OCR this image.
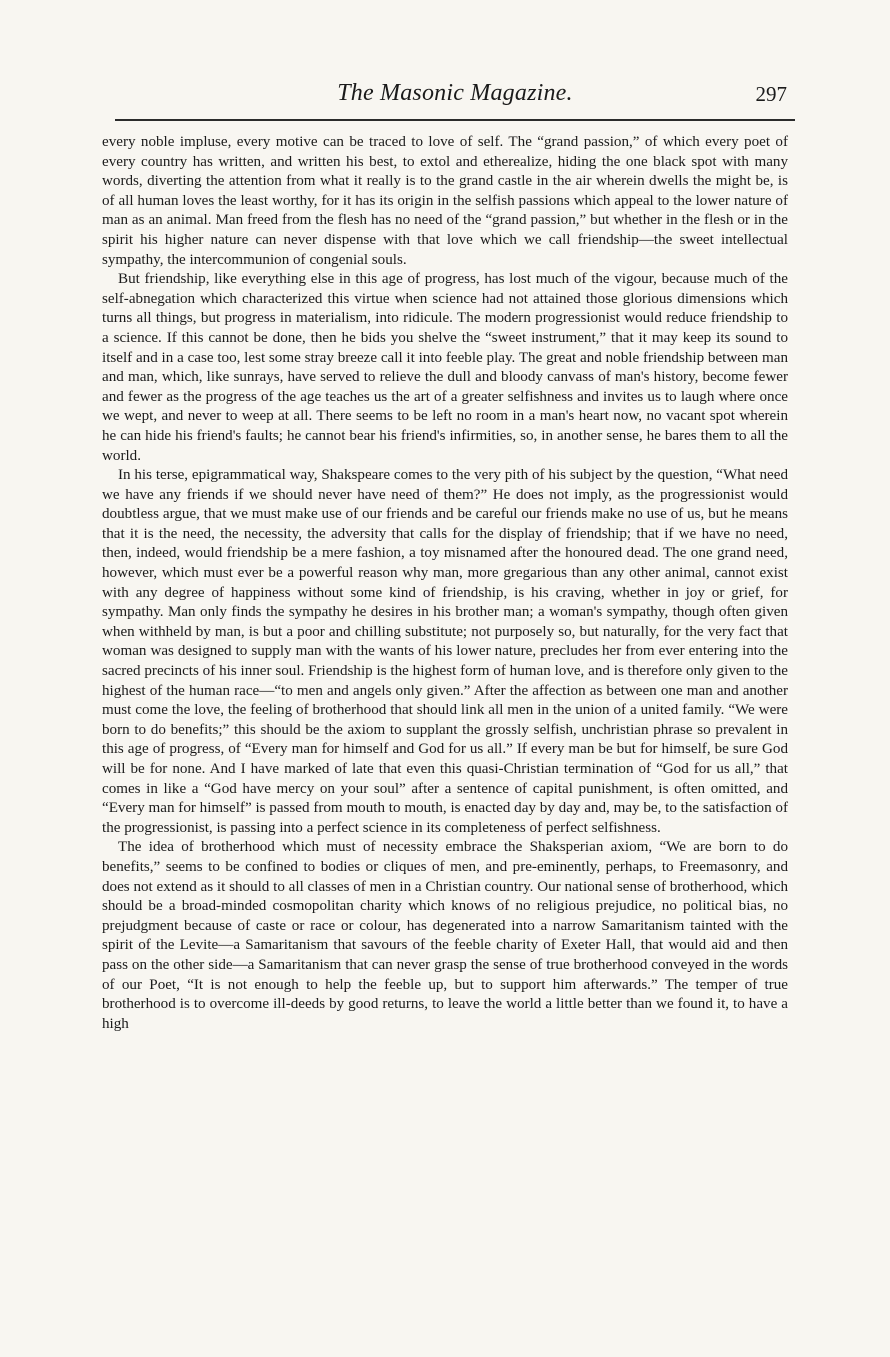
The Masonic Magazine.	297

every noble impluse, every motive can be traced to love of self. The “grand passion,” of which every poet of every country has written, and written his best, to extol and etherealize, hiding the one black spot with many words, diverting the attention from what it really is to the grand castle in the air wherein dwells the might be, is of all human loves the least worthy, for it has its origin in the selfish passions which appeal to the lower nature of man as an animal. Man freed from the flesh has no need of the “grand passion,” but whether in the flesh or in the spirit his higher nature can never dispense with that love which we call friendship—the sweet intellectual sympathy, the intercommunion of congenial souls.

But friendship, like everything else in this age of progress, has lost much of the vigour, because much of the self-abnegation which characterized this virtue when science had not attained those glorious dimensions which turns all things, but progress in materialism, into ridicule. The modern progressionist would reduce friendship to a science. If this cannot be done, then he bids you shelve the “sweet instrument,” that it may keep its sound to itself and in a case too, lest some stray breeze call it into feeble play. The great and noble friendship between man and man, which, like sunrays, have served to relieve the dull and bloody canvass of man's history, become fewer and fewer as the progress of the age teaches us the art of a greater selfishness and invites us to laugh where once we wept, and never to weep at all. There seems to be left no room in a man's heart now, no vacant spot wherein he can hide his friend's faults; he cannot bear his friend's infirmities, so, in another sense, he bares them to all the world.

In his terse, epigrammatical way, Shakspeare comes to the very pith of his subject by the question, “What need we have any friends if we should never have need of them?” He does not imply, as the progressionist would doubtless argue, that we must make use of our friends and be careful our friends make no use of us, but he means that it is the need, the necessity, the adversity that calls for the display of friendship; that if we have no need, then, indeed, would friendship be a mere fashion, a toy misnamed after the honoured dead. The one grand need, however, which must ever be a powerful reason why man, more gregarious than any other animal, cannot exist with any degree of happiness without some kind of friendship, is his craving, whether in joy or grief, for sympathy. Man only finds the sympathy he desires in his brother man; a woman's sympathy, though often given when withheld by man, is but a poor and chilling substitute; not purposely so, but naturally, for the very fact that woman was designed to supply man with the wants of his lower nature, precludes her from ever entering into the sacred precincts of his inner soul. Friendship is the highest form of human love, and is therefore only given to the highest of the human race—“to men and angels only given.” After the affection as between one man and another must come the love, the feeling of brotherhood that should link all men in the union of a united family. “We were born to do benefits;” this should be the axiom to supplant the grossly selfish, unchristian phrase so prevalent in this age of progress, of “Every man for himself and God for us all.” If every man be but for himself, be sure God will be for none. And I have marked of late that even this quasi-Christian termination of “God for us all,” that comes in like a “God have mercy on your soul” after a sentence of capital punishment, is often omitted, and “Every man for himself” is passed from mouth to mouth, is enacted day by day and, may be, to the satisfaction of the progressionist, is passing into a perfect science in its completeness of perfect selfishness.

The idea of brotherhood which must of necessity embrace the Shaksperian axiom, “We are born to do benefits,” seems to be confined to bodies or cliques of men, and pre-eminently, perhaps, to Freemasonry, and does not extend as it should to all classes of men in a Christian country. Our national sense of brotherhood, which should be a broad-minded cosmopolitan charity which knows of no religious prejudice, no political bias, no prejudgment because of caste or race or colour, has degenerated into a narrow Samaritanism tainted with the spirit of the Levite—a Samaritanism that savours of the feeble charity of Exeter Hall, that would aid and then pass on the other side—a Samaritanism that can never grasp the sense of true brotherhood conveyed in the words of our Poet, “It is not enough to help the feeble up, but to support him afterwards.” The temper of true brotherhood is to overcome ill-deeds by good returns, to leave the world a little better than we found it, to have a high
